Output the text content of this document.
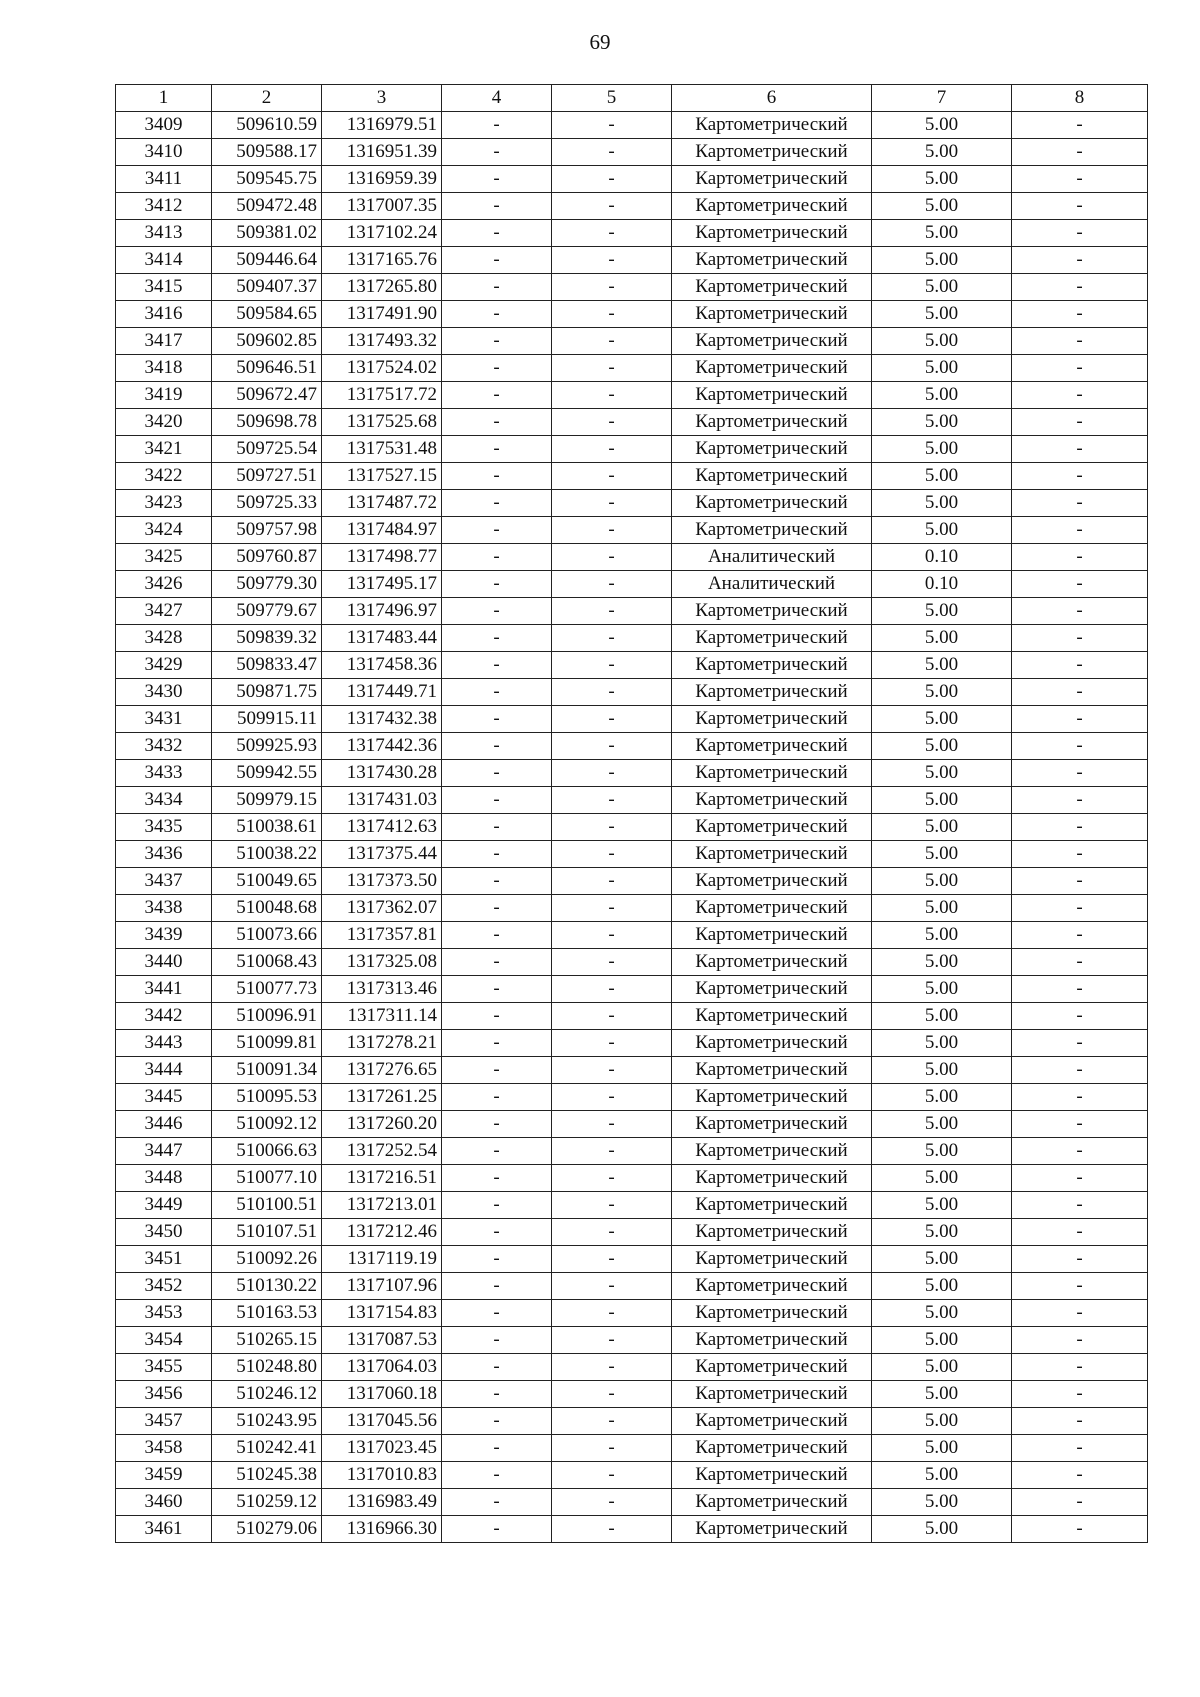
69
1	2	3	4	5	6	7	8
3409	509610.59	1316979.51	-	-	Картометрический	5.00	-
3410	509588.17	1316951.39	-	-	Картометрический	5.00	-
3411	509545.75	1316959.39	-	-	Картометрический	5.00	-
3412	509472.48	1317007.35	-	-	Картометрический	5.00	-
3413	509381.02	1317102.24	-	-	Картометрический	5.00	-
3414	509446.64	1317165.76	-	-	Картометрический	5.00	-
3415	509407.37	1317265.80	-	-	Картометрический	5.00	-
3416	509584.65	1317491.90	-	-	Картометрический	5.00	-
3417	509602.85	1317493.32	-	-	Картометрический	5.00	-
3418	509646.51	1317524.02	-	-	Картометрический	5.00	-
3419	509672.47	1317517.72	-	-	Картометрический	5.00	-
3420	509698.78	1317525.68	-	-	Картометрический	5.00	-
3421	509725.54	1317531.48	-	-	Картометрический	5.00	-
3422	509727.51	1317527.15	-	-	Картометрический	5.00	-
3423	509725.33	1317487.72	-	-	Картометрический	5.00	-
3424	509757.98	1317484.97	-	-	Картометрический	5.00	-
3425	509760.87	1317498.77	-	-	Аналитический	0.10	-
3426	509779.30	1317495.17	-	-	Аналитический	0.10	-
3427	509779.67	1317496.97	-	-	Картометрический	5.00	-
3428	509839.32	1317483.44	-	-	Картометрический	5.00	-
3429	509833.47	1317458.36	-	-	Картометрический	5.00	-
3430	509871.75	1317449.71	-	-	Картометрический	5.00	-
3431	509915.11	1317432.38	-	-	Картометрический	5.00	-
3432	509925.93	1317442.36	-	-	Картометрический	5.00	-
3433	509942.55	1317430.28	-	-	Картометрический	5.00	-
3434	509979.15	1317431.03	-	-	Картометрический	5.00	-
3435	510038.61	1317412.63	-	-	Картометрический	5.00	-
3436	510038.22	1317375.44	-	-	Картометрический	5.00	-
3437	510049.65	1317373.50	-	-	Картометрический	5.00	-
3438	510048.68	1317362.07	-	-	Картометрический	5.00	-
3439	510073.66	1317357.81	-	-	Картометрический	5.00	-
3440	510068.43	1317325.08	-	-	Картометрический	5.00	-
3441	510077.73	1317313.46	-	-	Картометрический	5.00	-
3442	510096.91	1317311.14	-	-	Картометрический	5.00	-
3443	510099.81	1317278.21	-	-	Картометрический	5.00	-
3444	510091.34	1317276.65	-	-	Картометрический	5.00	-
3445	510095.53	1317261.25	-	-	Картометрический	5.00	-
3446	510092.12	1317260.20	-	-	Картометрический	5.00	-
3447	510066.63	1317252.54	-	-	Картометрический	5.00	-
3448	510077.10	1317216.51	-	-	Картометрический	5.00	-
3449	510100.51	1317213.01	-	-	Картометрический	5.00	-
3450	510107.51	1317212.46	-	-	Картометрический	5.00	-
3451	510092.26	1317119.19	-	-	Картометрический	5.00	-
3452	510130.22	1317107.96	-	-	Картометрический	5.00	-
3453	510163.53	1317154.83	-	-	Картометрический	5.00	-
3454	510265.15	1317087.53	-	-	Картометрический	5.00	-
3455	510248.80	1317064.03	-	-	Картометрический	5.00	-
3456	510246.12	1317060.18	-	-	Картометрический	5.00	-
3457	510243.95	1317045.56	-	-	Картометрический	5.00	-
3458	510242.41	1317023.45	-	-	Картометрический	5.00	-
3459	510245.38	1317010.83	-	-	Картометрический	5.00	-
3460	510259.12	1316983.49	-	-	Картометрический	5.00	-
3461	510279.06	1316966.30	-	-	Картометрический	5.00	-
